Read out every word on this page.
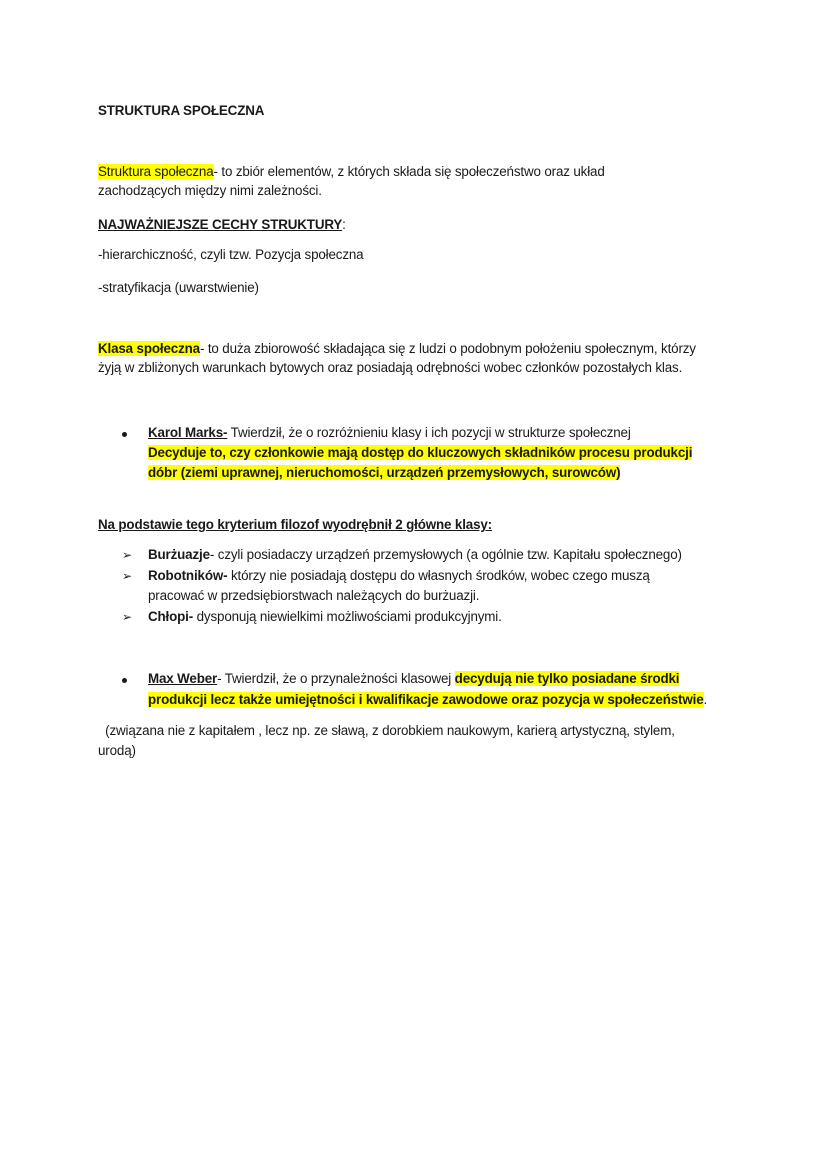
STRUKTURA SPOŁECZNA
Struktura społeczna- to zbiór elementów, z których składa się społeczeństwo oraz układ
zachodzących między nimi zależności.
NAJWAŻNIEJSZE CECHY STRUKTURY:
-hierarchiczność, czyli tzw. Pozycja społeczna
-stratyfikacja (uwarstwienie)
Klasa społeczna- to duża zbiorowość składająca się z ludzi o podobnym położeniu społecznym, którzy
żyją w zbliżonych warunkach bytowych oraz posiadają odrębności wobec członków pozostałych klas.
Karol Marks- Twierdził, że o rozróżnieniu klasy i ich pozycji w strukturze społecznej
Decyduje to, czy członkowie mają dostęp do kluczowych składników procesu produkcji
dóbr (ziemi uprawnej, nieruchomości, urządzeń przemysłowych, surowców)
Na podstawie tego kryterium filozof wyodrębnił 2 główne klasy:
➢ Burżuazje- czyli posiadaczy urządzeń przemysłowych (a ogólnie tzw. Kapitału społecznego)
➢ Robotników- którzy nie posiadają dostępu do własnych środków, wobec czego muszą
pracować w przedsiębiorstwach należących do burżuazji.
➢ Chłopi- dysponują niewielkimi możliwościami produkcyjnymi.
Max Weber- Twierdził, że o przynależności klasowej decydują nie tylko posiadane środki
produkcji lecz także umiejętności i kwalifikacje zawodowe oraz pozycja w społeczeństwie.
(związana nie z kapitałem , lecz np. ze sławą, z dorobkiem naukowym, karierą artystyczną, stylem,
urodą)
